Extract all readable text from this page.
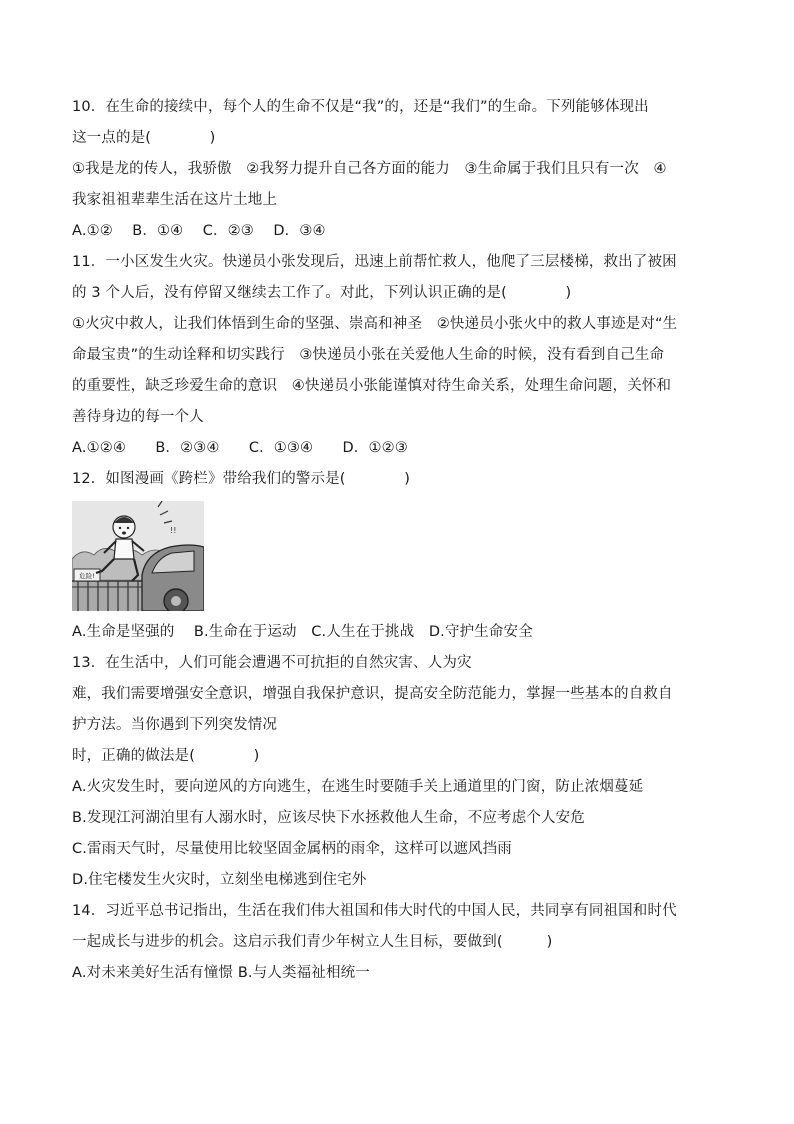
10．在生命的接续中，每个人的生命不仅是“我”的，还是“我们”的生命。下列能够体现出
这一点的是(　　　　)
①我是龙的传人，我骄傲　②我努力提升自己各方面的能力　③生命属于我们且只有一次　④
我家祖祖辈辈生活在这片土地上
A.①②　 B．①④　 C．②③　 D．③④
11．一小区发生火灾。快递员小张发现后，迅速上前帮忙救人，他爬了三层楼梯，救出了被困
的 3 个人后，没有停留又继续去工作了。对此，下列认识正确的是(　　　　)
①火灾中救人，让我们体悟到生命的坚强、崇高和神圣　②快递员小张火中的救人事迹是对“生
命最宝贵”的生动诠释和切实践行　③快递员小张在关爱他人生命的时候，没有看到自己生命
的重要性，缺乏珍爱生命的意识　④快递员小张能谨慎对待生命关系，处理生命问题，关怀和
善待身边的每一个人
A.①②④　　B．②③④　　C．①③④　　D．①②③
12．如图漫画《跨栏》带给我们的警示是(　　　　)
危险!
!!
A.生命是坚强的　 B.生命在于运动　C.人生在于挑战　D.守护生命安全
13．在生活中，人们可能会遭遇不可抗拒的自然灾害、人为灾
难，我们需要增强安全意识，增强自我保护意识，提高安全防范能力，掌握一些基本的自救自
护方法。当你遇到下列突发情况
时，正确的做法是(　　　　)
A.火灾发生时，要向逆风的方向逃生，在逃生时要随手关上通道里的门窗，防止浓烟蔓延
B.发现江河湖泊里有人溺水时，应该尽快下水拯救他人生命，不应考虑个人安危
C.雷雨天气时，尽量使用比较坚固金属柄的雨伞，这样可以遮风挡雨
D.住宅楼发生火灾时，立刻坐电梯逃到住宅外
14．习近平总书记指出，生活在我们伟大祖国和伟大时代的中国人民，共同享有同祖国和时代
一起成长与进步的机会。这启示我们青少年树立人生目标，要做到(　　　)
A.对未来美好生活有憧憬 B.与人类福祉相统一
